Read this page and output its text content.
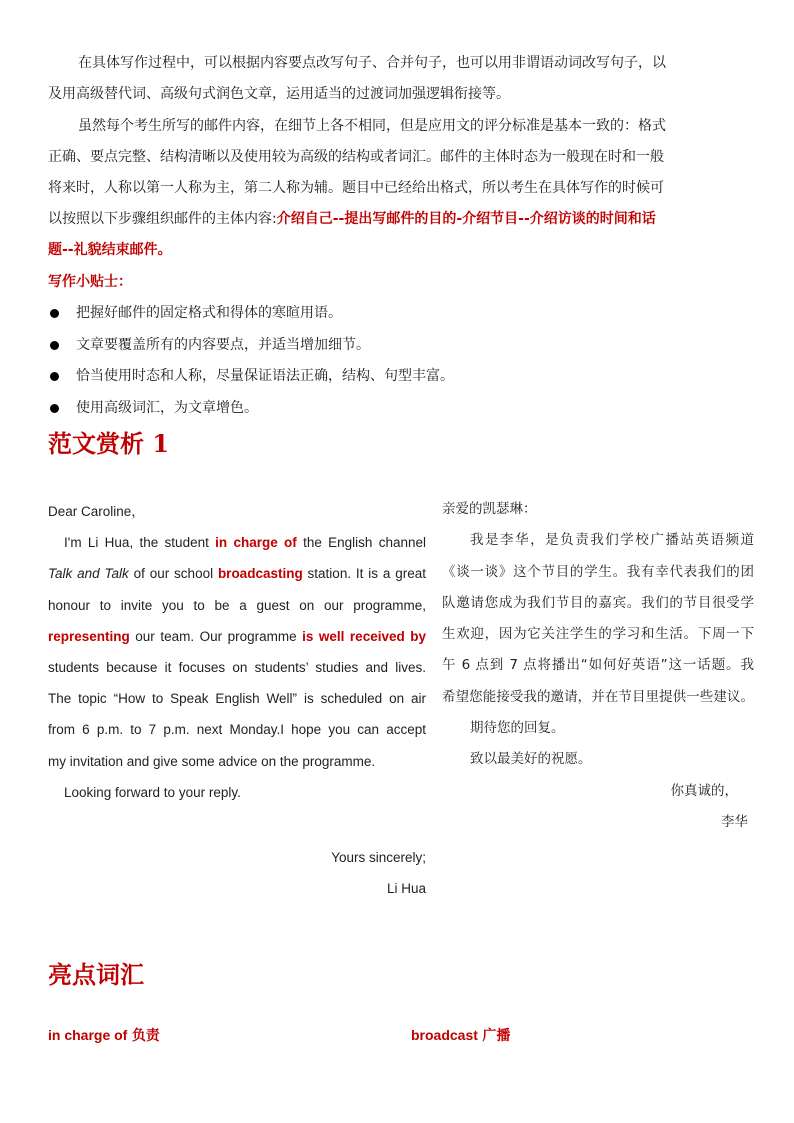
在具体写作过程中，可以根据内容要点改写句子、合并句子，也可以用非谓语动词改写句子，以
及用高级替代词、高级句式润色文章，运用适当的过渡词加强逻辑衔接等。
虽然每个考生所写的邮件内容，在细节上各不相同，但是应用文的评分标准是基本一致的：格式
正确、要点完整、结构清晰以及使用较为高级的结构或者词汇。邮件的主体时态为一般现在时和一般
将来时，人称以第一人称为主，第二人称为辅。题目中已经给出格式，所以考生在具体写作的时候可
以按照以下步骤组织邮件的主体内容:介绍自己--提出写邮件的目的-介绍节目--介绍访谈的时间和话
题--礼貌结束邮件。
写作小贴士：
把握好邮件的固定格式和得体的寒暄用语。
文章要覆盖所有的内容要点，并适当增加细节。
恰当使用时态和人称，尽量保证语法正确，结构、句型丰富。
使用高级词汇，为文章增色。
范文赏析 1
Dear Caroline，
I'm Li Hua, the student in charge of the English channel
Talk and Talk of our school broadcasting station. It is a great
honour to invite you to be a guest on our programme,
representing our team. Our programme is well received by
students because it focuses on students’ studies and lives.
The topic “How to Speak English Well” is scheduled on air
from 6 p.m. to 7 p.m. next Monday.I hope you can accept
my invitation and give some advice on the programme.
Looking forward to your reply.
Yours sincerely;
Li Hua
亲爱的凯瑟琳：
我是李华，是负责我们学校广播站英语频道
《谈一谈》这个节目的学生。我有幸代表我们的团
队邀请您成为我们节目的嘉宾。我们的节目很受学
生欢迎，因为它关注学生的学习和生活。下周一下
午 6 点到 7 点将播出“如何好英语”这一话题。我
希望您能接受我的邀请，并在节目里提供一些建议。
期待您的回复。
致以最美好的祝愿。
你真诚的，
李华
亮点词汇
in charge of 负责	broadcast 广播
